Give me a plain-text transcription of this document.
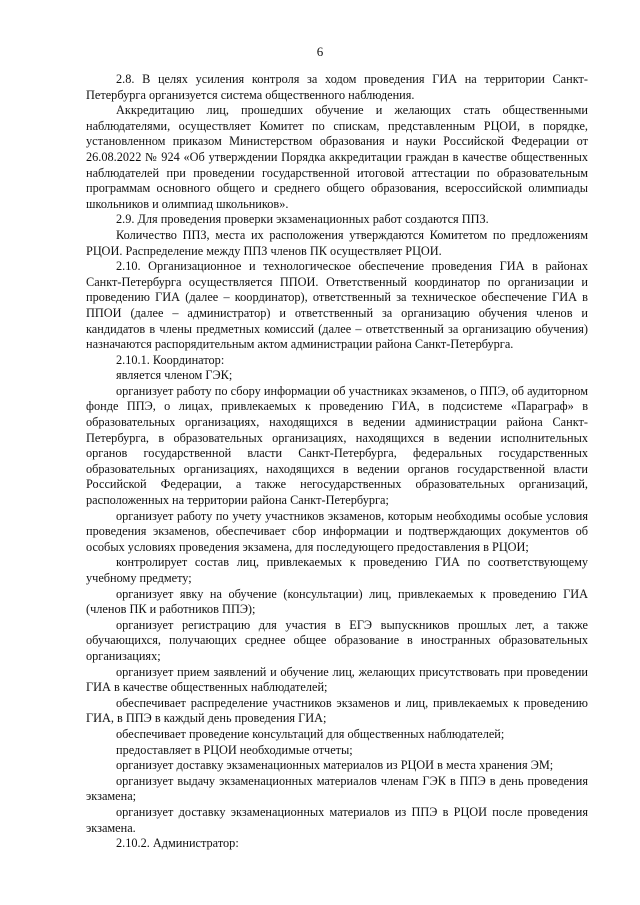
6

2.8. В целях усиления контроля за ходом проведения ГИА на территории Санкт-Петербурга организуется система общественного наблюдения.

Аккредитацию лиц, прошедших обучение и желающих стать общественными наблюдателями, осуществляет Комитет по спискам, представленным РЦОИ, в порядке, установленном приказом Министерством образования и науки Российской Федерации от 26.08.2022 № 924 «Об утверждении Порядка аккредитации граждан в качестве общественных наблюдателей при проведении государственной итоговой аттестации по образовательным программам основного общего и среднего общего образования, всероссийской олимпиады школьников и олимпиад школьников».

2.9. Для проведения проверки экзаменационных работ создаются ППЗ.

Количество ППЗ, места их расположения утверждаются Комитетом по предложениям РЦОИ. Распределение между ППЗ членов ПК осуществляет РЦОИ.

2.10. Организационное и технологическое обеспечение проведения ГИА в районах Санкт-Петербурга осуществляется ППОИ. Ответственный координатор по организации и проведению ГИА (далее – координатор), ответственный за техническое обеспечение ГИА в ППОИ (далее – администратор) и ответственный за организацию обучения членов и кандидатов в члены предметных комиссий (далее – ответственный за организацию обучения) назначаются распорядительным актом администрации района Санкт-Петербурга.

2.10.1. Координатор:

является членом ГЭК;

организует работу по сбору информации об участниках экзаменов, о ППЭ, об аудиторном фонде ППЭ, о лицах, привлекаемых к проведению ГИА, в подсистеме «Параграф» в образовательных организациях, находящихся в ведении администрации района Санкт-Петербурга, в образовательных организациях, находящихся в ведении исполнительных органов государственной власти Санкт-Петербурга, федеральных государственных образовательных организациях, находящихся в ведении органов государственной власти Российской Федерации, а также негосударственных образовательных организаций, расположенных на территории района Санкт-Петербурга;

организует работу по учету участников экзаменов, которым необходимы особые условия проведения экзаменов, обеспечивает сбор информации и подтверждающих документов об особых условиях проведения экзамена, для последующего предоставления в РЦОИ;

контролирует состав лиц, привлекаемых к проведению ГИА по соответствующему учебному предмету;

организует явку на обучение (консультации) лиц, привлекаемых к проведению ГИА (членов ПК и работников ППЭ);

организует регистрацию для участия в ЕГЭ выпускников прошлых лет, а также обучающихся, получающих среднее общее образование в иностранных образовательных организациях;

организует прием заявлений и обучение лиц, желающих присутствовать при проведении ГИА в качестве общественных наблюдателей;

обеспечивает распределение участников экзаменов и лиц, привлекаемых к проведению ГИА, в ППЭ в каждый день проведения ГИА;

обеспечивает проведение консультаций для общественных наблюдателей;

предоставляет в РЦОИ необходимые отчеты;

организует доставку экзаменационных материалов из РЦОИ в места хранения ЭМ;

организует выдачу экзаменационных материалов членам ГЭК в ППЭ в день проведения экзамена;

организует доставку экзаменационных материалов из ППЭ в РЦОИ после проведения экзамена.

2.10.2. Администратор:
